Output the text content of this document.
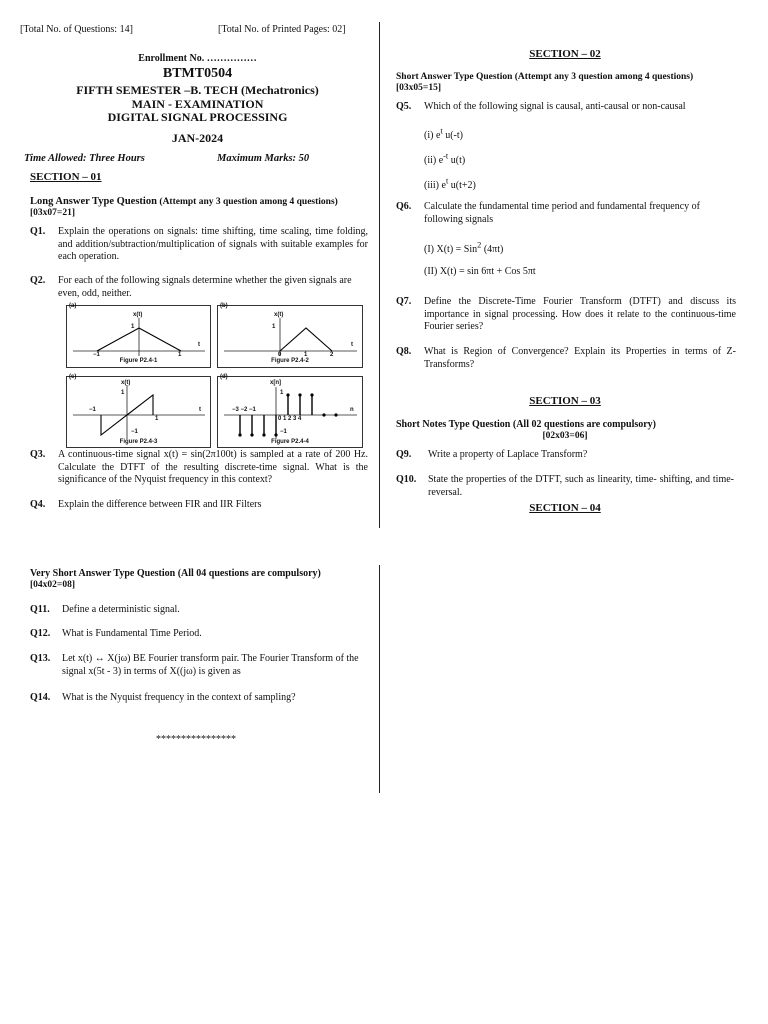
[Total No. of Questions: 14]	[Total No. of Printed Pages: 02]
Enrollment No. ……………
BTMT0504
FIFTH SEMESTER –B. TECH (Mechatronics)
MAIN - EXAMINATION
DIGITAL SIGNAL PROCESSING
JAN-2024
Time Allowed: Three Hours	Maximum Marks: 50
SECTION – 01
Long Answer Type Question (Attempt any 3 question among 4 questions)
[03x07=21]
Q1. Explain the operations on signals: time shifting, time scaling, time folding, and addition/subtraction/multiplication of signals with suitable examples for each operation.
Q2. For each of the following signals determine whether the given signals are even, odd, neither.
(a)
x(t)
1
−1	1
t
Figure P2.4-1
(b)
x(t)
1
0	1	2
t
Figure P2.4-2
(c)
x(t)
1
−1
−1
1
t
Figure P2.4-3
(d)
x[n]
1
−1
−3 −2 −1
0 1 2 3 4
n
Figure P2.4-4
Q3. A continuous-time signal x(t) = sin(2π100t) is sampled at a rate of 200 Hz. Calculate the DTFT of the resulting discrete-time signal. What is the significance of the Nyquist frequency in this context?
Q4. Explain the difference between FIR and IIR Filters
SECTION – 02
Short Answer Type Question (Attempt any 3 question among 4 questions)
[03x05=15]
Q5. Which of the following signal is causal, anti-causal or non-causal
(i) $e^t$ u(-t)
(ii) $e^{-t}$ u(t)
(iii) $e^t$ u(t+2)
Q6. Calculate the fundamental time period and fundamental frequency of following signals
(I) X(t) = Sin$^2$ (4πt)
(II) X(t) = sin 6πt + Cos 5πt
Q7. Define the Discrete-Time Fourier Transform (DTFT) and discuss its importance in signal processing. How does it relate to the continuous-time Fourier series?
Q8. What is Region of Convergence? Explain its Properties in terms of Z-Transforms?
SECTION – 03
Short Notes Type Question (All 02 questions are compulsory)
[02x03=06]
Q9. Write a property of Laplace Transform?
Q10. State the properties of the DTFT, such as linearity, time- shifting, and time-reversal.
SECTION – 04
Very Short Answer Type Question (All 04 questions are compulsory)
[04x02=08]
Q11. Define a deterministic signal.
Q12. What is Fundamental Time Period.
Q13. Let x(t) ↔ X(jω) BE Fourier transform pair. The Fourier Transform of the signal x(5t - 3) in terms of X((jω) is given as
Q14. What is the Nyquist frequency in the context of sampling?
****************
